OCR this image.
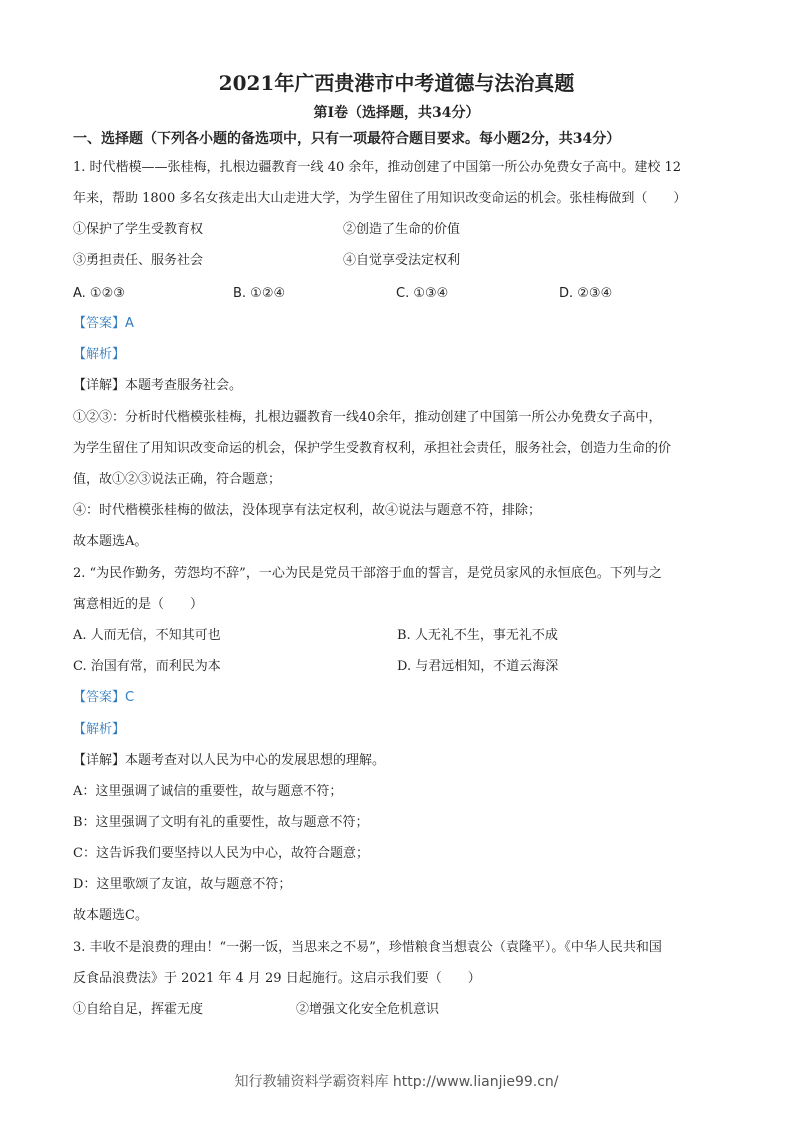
2021年广西贵港市中考道德与法治真题
第Ⅰ卷（选择题，共34分）
一、选择题（下列各小题的备选项中，只有一项最符合题目要求。每小题2分，共34分）
1. 时代楷模——张桂梅，扎根边疆教育一线 40 余年，推动创建了中国第一所公办免费女子高中。建校 12
年来，帮助 1800 多名女孩走出大山走进大学，为学生留住了用知识改变命运的机会。张桂梅做到（　　）
①保护了学生受教育权	②创造了生命的价值
③勇担责任、服务社会	④自觉享受法定权利
A. ①②③	B. ①②④	C. ①③④	D. ②③④
【答案】A
【解析】
【详解】本题考查服务社会。
①②③：分析时代楷模张桂梅，扎根边疆教育一线40余年，推动创建了中国第一所公办免费女子高中，
为学生留住了用知识改变命运的机会，保护学生受教育权利，承担社会责任，服务社会，创造力生命的价
值，故①②③说法正确，符合题意；
④：时代楷模张桂梅的做法，没体现享有法定权利，故④说法与题意不符，排除；
故本题选A。
2. “为民作勤务，劳怨均不辞”，一心为民是党员干部溶于血的誓言，是党员家风的永恒底色。下列与之
寓意相近的是（　　）
A. 人而无信，不知其可也	B. 人无礼不生，事无礼不成
C. 治国有常，而利民为本	D. 与君远相知，不道云海深
【答案】C
【解析】
【详解】本题考查对以人民为中心的发展思想的理解。
A：这里强调了诚信的重要性，故与题意不符；
B：这里强调了文明有礼的重要性，故与题意不符；
C：这告诉我们要坚持以人民为中心，故符合题意；
D：这里歌颂了友谊，故与题意不符；
故本题选C。
3. 丰收不是浪费的理由！“一粥一饭，当思来之不易”，珍惜粮食当想袁公（袁隆平）。《中华人民共和国
反食品浪费法》于 2021 年 4 月 29 日起施行。这启示我们要（　　）
①自给自足，挥霍无度	②增强文化安全危机意识
知行教辅资料学霸资料库 http://www.lianjie99.cn/
